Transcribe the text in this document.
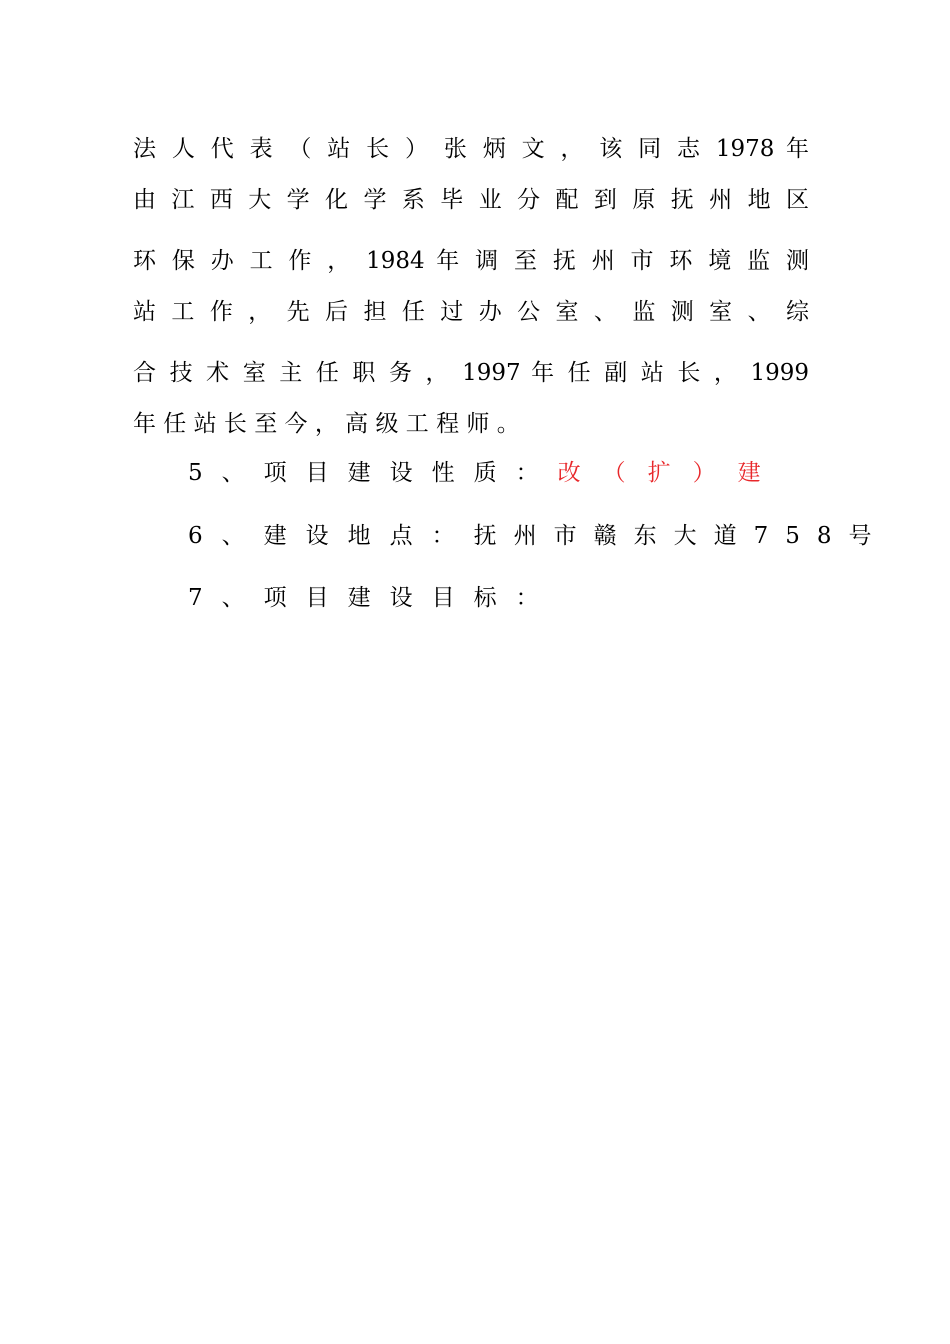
法 人 代 表 （ 站 长 ） 张 炳 文 ， 该 同 志 1978 年
由 江 西 大 学 化 学 系 毕 业 分 配 到 原 抚 州 地 区
环 保 办 工 作 ， 1984 年 调 至 抚 州 市 环 境 监 测
站 工 作 ， 先 后 担 任 过 办 公 室 、 监 测 室 、 综
合 技 术 室 主 任 职 务 ， 1997 年 任 副 站 长 ， 1999
年 任 站 长 至 今 ， 高 级 工 程 师 。
5、项目建设性质：改（扩）建
6、建设地点：抚州市赣东大道758号
7、项目建设目标：
